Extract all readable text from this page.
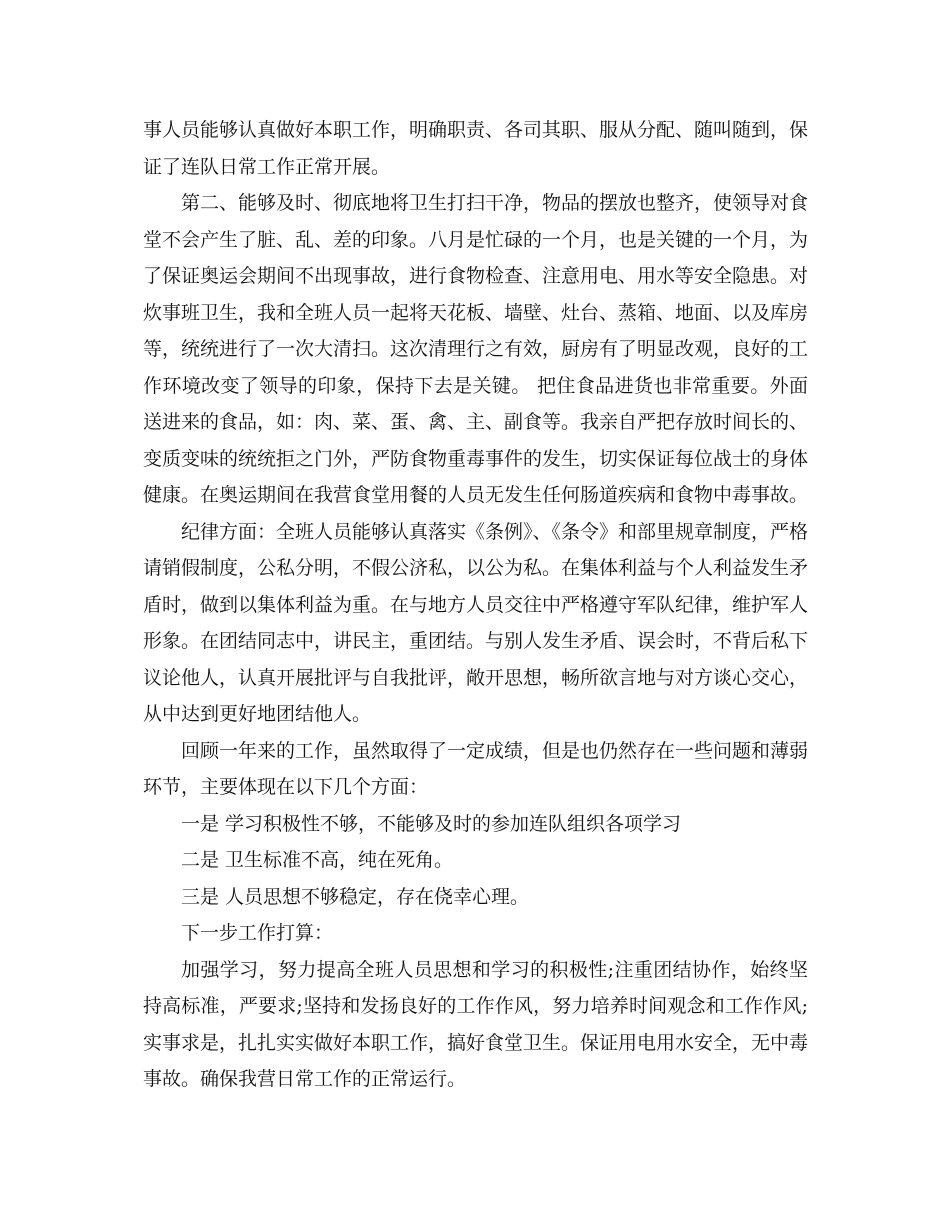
事人员能够认真做好本职工作，明确职责、各司其职、服从分配、随叫随到，保证了连队日常工作正常开展。

第二、能够及时、彻底地将卫生打扫干净，物品的摆放也整齐，使领导对食堂不会产生了脏、乱、差的印象。八月是忙碌的一个月，也是关键的一个月，为了保证奥运会期间不出现事故，进行食物检查、注意用电、用水等安全隐患。对炊事班卫生，我和全班人员一起将天花板、墙壁、灶台、蒸箱、地面、以及库房等，统统进行了一次大清扫。这次清理行之有效，厨房有了明显改观，良好的工作环境改变了领导的印象，保持下去是关键。 把住食品进货也非常重要。外面送进来的食品，如：肉、菜、蛋、禽、主、副食等。我亲自严把存放时间长的、变质变味的统统拒之门外，严防食物重毒事件的发生，切实保证每位战士的身体健康。在奥运期间在我营食堂用餐的人员无发生任何肠道疾病和食物中毒事故。

纪律方面：全班人员能够认真落实《条例》、《条令》和部里规章制度，严格请销假制度，公私分明，不假公济私，以公为私。在集体利益与个人利益发生矛盾时，做到以集体利益为重。在与地方人员交往中严格遵守军队纪律，维护军人形象。在团结同志中，讲民主，重团结。与别人发生矛盾、误会时，不背后私下议论他人，认真开展批评与自我批评，敞开思想，畅所欲言地与对方谈心交心，从中达到更好地团结他人。

回顾一年来的工作，虽然取得了一定成绩，但是也仍然存在一些问题和薄弱环节，主要体现在以下几个方面：

一是 学习积极性不够，不能够及时的参加连队组织各项学习

二是 卫生标准不高，纯在死角。

三是 人员思想不够稳定，存在侥幸心理。

下一步工作打算：

加强学习，努力提高全班人员思想和学习的积极性;注重团结协作，始终坚持高标准，严要求;坚持和发扬良好的工作作风，努力培养时间观念和工作作风;实事求是，扎扎实实做好本职工作，搞好食堂卫生。保证用电用水安全，无中毒事故。确保我营日常工作的正常运行。
